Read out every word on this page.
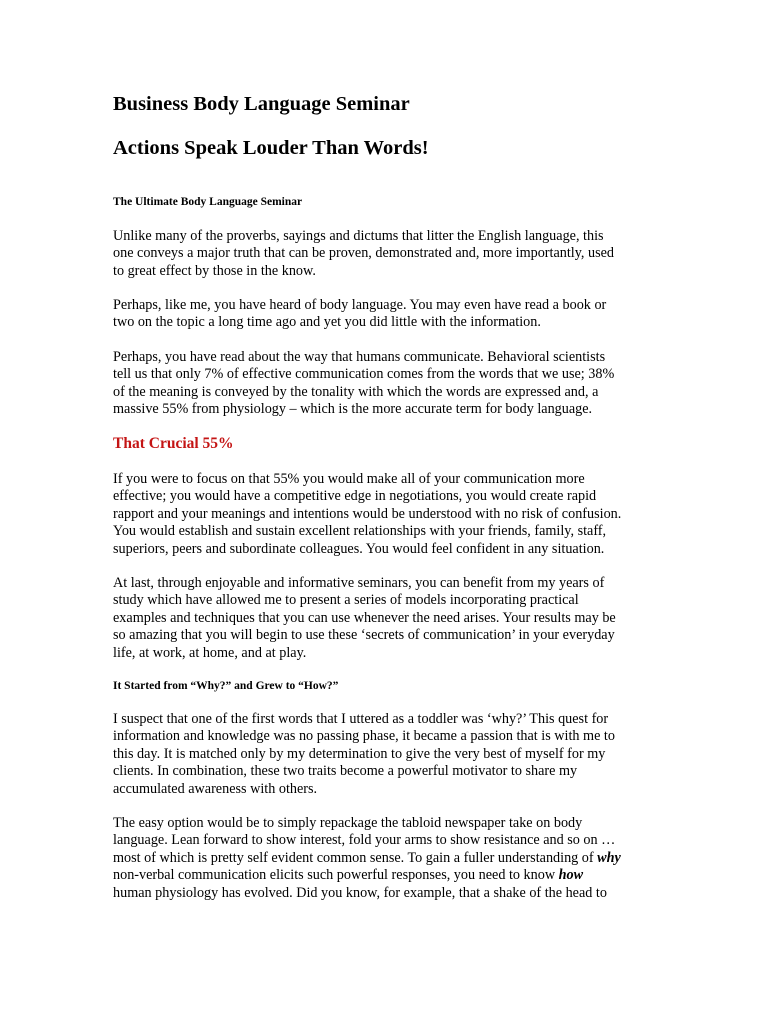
Business Body Language Seminar
Actions Speak Louder Than Words!
The Ultimate Body Language Seminar

Unlike many of the proverbs, sayings and dictums that litter the English language, this
one conveys a major truth that can be proven, demonstrated and, more importantly, used
to great effect by those in the know.

Perhaps, like me, you have heard of body language. You may even have read a book or
two on the topic a long time ago and yet you did little with the information.

Perhaps, you have read about the way that humans communicate. Behavioral scientists
tell us that only 7% of effective communication comes from the words that we use; 38%
of the meaning is conveyed by the tonality with which the words are expressed and, a
massive 55% from physiology – which is the more accurate term for body language.

That Crucial 55%

If you were to focus on that 55% you would make all of your communication more
effective; you would have a competitive edge in negotiations, you would create rapid
rapport and your meanings and intentions would be understood with no risk of confusion.
You would establish and sustain excellent relationships with your friends, family, staff,
superiors, peers and subordinate colleagues. You would feel confident in any situation.

At last, through enjoyable and informative seminars, you can benefit from my years of
study which have allowed me to present a series of models incorporating practical
examples and techniques that you can use whenever the need arises. Your results may be
so amazing that you will begin to use these ‘secrets of communication’ in your everyday
life, at work, at home, and at play.

It Started from “Why?” and Grew to “How?”

I suspect that one of the first words that I uttered as a toddler was ‘why?’ This quest for
information and knowledge was no passing phase, it became a passion that is with me to
this day. It is matched only by my determination to give the very best of myself for my
clients. In combination, these two traits become a powerful motivator to share my
accumulated awareness with others.

The easy option would be to simply repackage the tabloid newspaper take on body
language. Lean forward to show interest, fold your arms to show resistance and so on …
most of which is pretty self evident common sense. To gain a fuller understanding of why
non-verbal communication elicits such powerful responses, you need to know how
human physiology has evolved. Did you know, for example, that a shake of the head to
